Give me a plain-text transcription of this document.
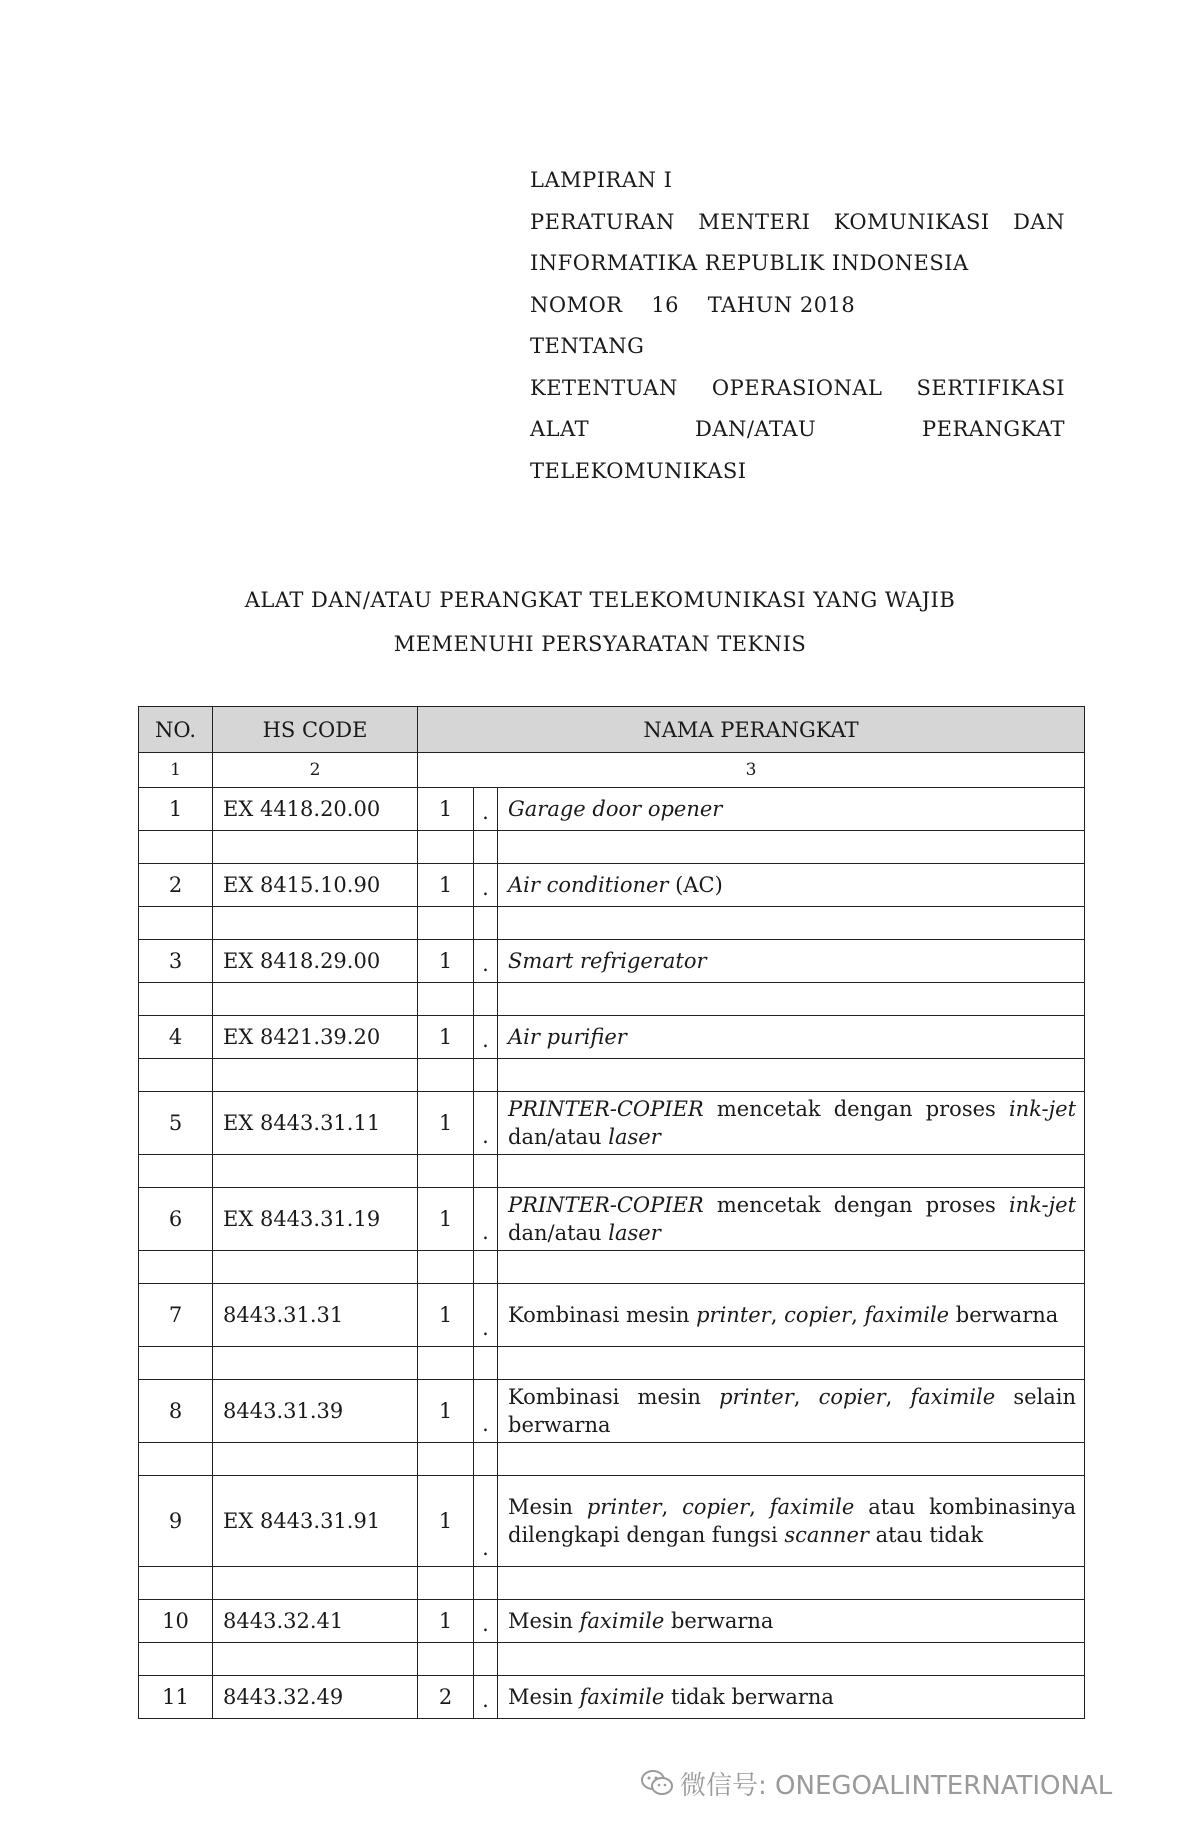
LAMPIRAN I
PERATURAN MENTERI KOMUNIKASI DAN
INFORMATIKA REPUBLIK INDONESIA
NOMOR    16    TAHUN 2018
TENTANG
KETENTUAN OPERASIONAL SERTIFIKASI
ALAT	DAN/ATAU	PERANGKAT
TELEKOMUNIKASI
ALAT DAN/ATAU PERANGKAT TELEKOMUNIKASI YANG WAJIB
MEMENUHI PERSYARATAN TEKNIS
NO.	HS CODE	NAMA PERANGKAT		
1	2	3		
1	EX 4418.20.00	1	.	Garage door opener

2	EX 8415.10.90	1	.	Air conditioner (AC)

3	EX 8418.29.00	1	.	Smart refrigerator

4	EX 8421.39.20	1	.	Air purifier

5	EX 8443.31.11	1	.	PRINTER-COPIER mencetak dengan proses ink-jet dan/atau laser

6	EX 8443.31.19	1	.	PRINTER-COPIER mencetak dengan proses ink-jet dan/atau laser

7	8443.31.31	1	.	Kombinasi mesin printer, copier, faximile berwarna

8	8443.31.39	1	.	Kombinasi mesin printer, copier, faximile selain berwarna

9	EX 8443.31.91	1	.	Mesin printer, copier, faximile atau kombinasinya dilengkapi dengan fungsi scanner atau tidak

10	8443.32.41	1	.	Mesin faximile berwarna

11	8443.32.49	2	.	Mesin faximile tidak berwarna
微信号: ONEGOALINTERNATIONAL
